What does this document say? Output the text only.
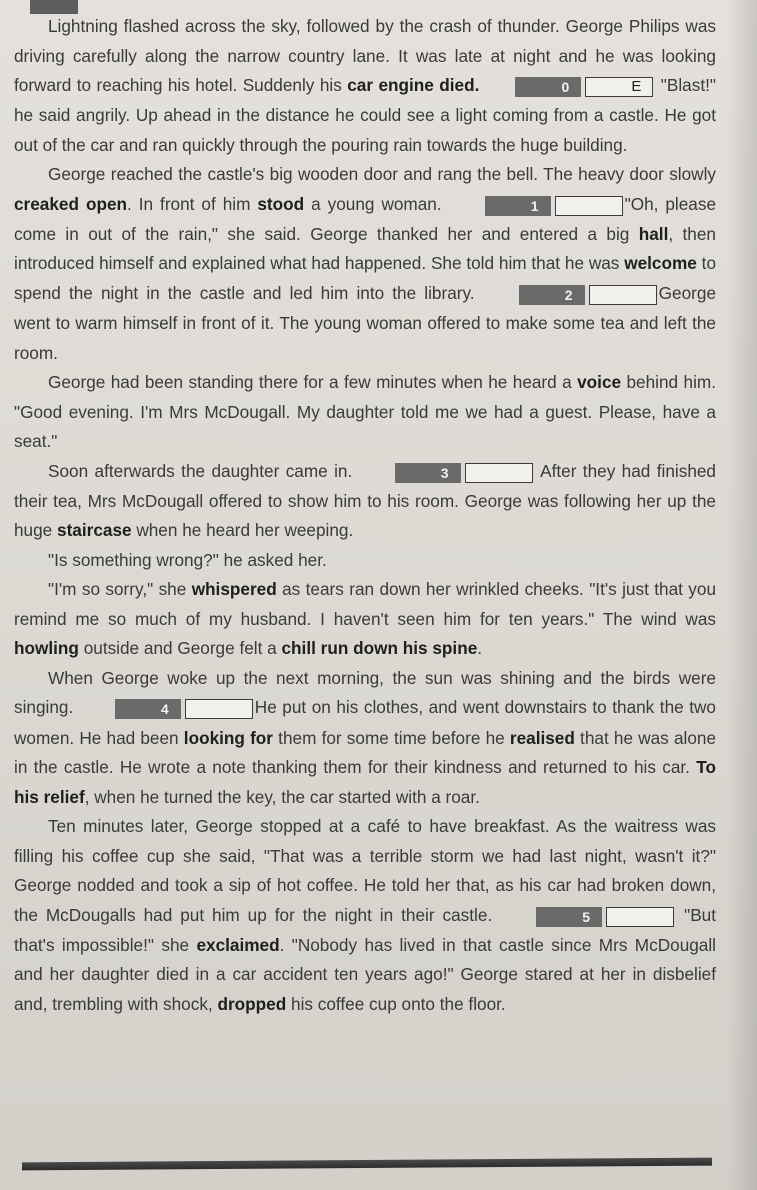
Lightning flashed across the sky, followed by the crash of thunder. George Philips was driving carefully along the narrow country lane. It was late at night and he was looking forward to reaching his hotel. Suddenly his car engine died.	0	E "Blast!" he said angrily. Up ahead in the distance he could see a light coming from a castle. He got out of the car and ran quickly through the pouring rain towards the huge building.

George reached the castle's big wooden door and rang the bell. The heavy door slowly creaked open. In front of him stood a young woman.	1	"Oh, please come in out of the rain," she said. George thanked her and entered a big hall, then introduced himself and explained what had happened. She told him that he was welcome to spend the night in the castle and led him into the library.	2	George went to warm himself in front of it. The young woman offered to make some tea and left the room.

George had been standing there for a few minutes when he heard a voice behind him. "Good evening. I'm Mrs McDougall. My daughter told me we had a guest. Please, have a seat."

Soon afterwards the daughter came in.	3	After they had finished their tea, Mrs McDougall offered to show him to his room. George was following her up the huge staircase when he heard her weeping.

"Is something wrong?" he asked her.

"I'm so sorry," she whispered as tears ran down her wrinkled cheeks. "It's just that you remind me so much of my husband. I haven't seen him for ten years." The wind was howling outside and George felt a chill run down his spine.

When George woke up the next morning, the sun was shining and the birds were singing.	4	He put on his clothes, and went downstairs to thank the two women. He had been looking for them for some time before he realised that he was alone in the castle. He wrote a note thanking them for their kindness and returned to his car. To his relief, when he turned the key, the car started with a roar.

Ten minutes later, George stopped at a café to have breakfast. As the waitress was filling his coffee cup she said, "That was a terrible storm we had last night, wasn't it?" George nodded and took a sip of hot coffee. He told her that, as his car had broken down, the McDougalls had put him up for the night in their castle.	5	"But that's impossible!" she exclaimed. "Nobody has lived in that castle since Mrs McDougall and her daughter died in a car accident ten years ago!" George stared at her in disbelief and, trembling with shock, dropped his coffee cup onto the floor.
